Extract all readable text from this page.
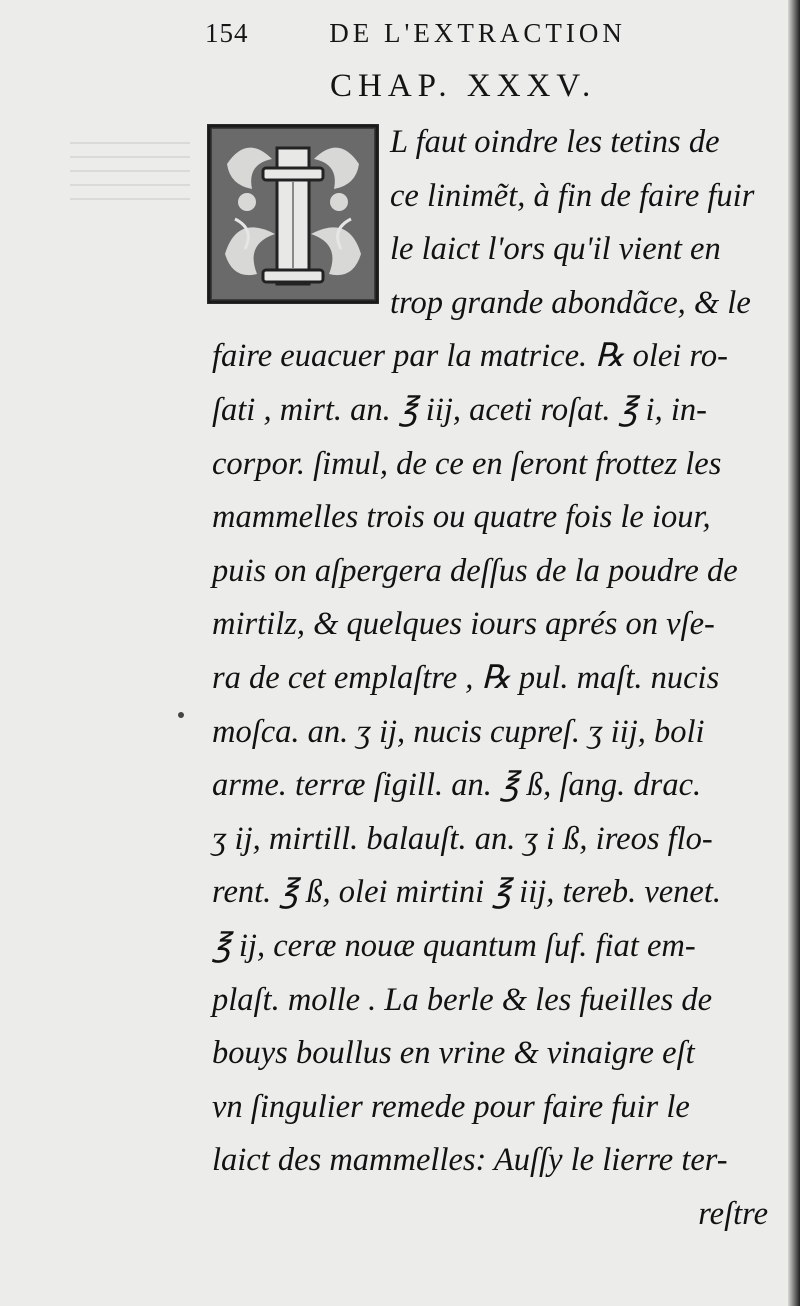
154	DE L'EXTRACTION
CHAP. XXXV.
L faut oindre les tetins de
ce linimẽt, à fin de faire fuir
le laict l'ors qu'il vient en
trop grande abondãce, & le
faire euacuer par la matrice. ℞ olei ro-
ſati , mirt. an. ℥ iij, aceti roſat. ℥ i, in-
corpor. ſimul, de ce en ſeront frottez les
mammelles trois ou quatre fois le iour,
puis on aſpergera deſſus de la poudre de
mirtilz, & quelques iours aprés on vſe-
ra de cet emplaſtre , ℞ pul. maſt. nucis
moſca. an. ʒ ij, nucis cupreſ. ʒ iij, boli
arme. terræ ſigill. an. ℥ ß, ſang. drac.
ʒ ij, mirtill. balauſt. an. ʒ i ß, ireos flo-
rent. ℥ ß, olei mirtini ℥ iij, tereb. venet.
℥ ij, ceræ nouæ quantum ſuf. fiat em-
plaſt. molle . La berle & les fueilles de
bouys boullus en vrine & vinaigre eſt
vn ſingulier remede pour faire fuir le
laict des mammelles: Auſſy le lierre ter-
reſtre
